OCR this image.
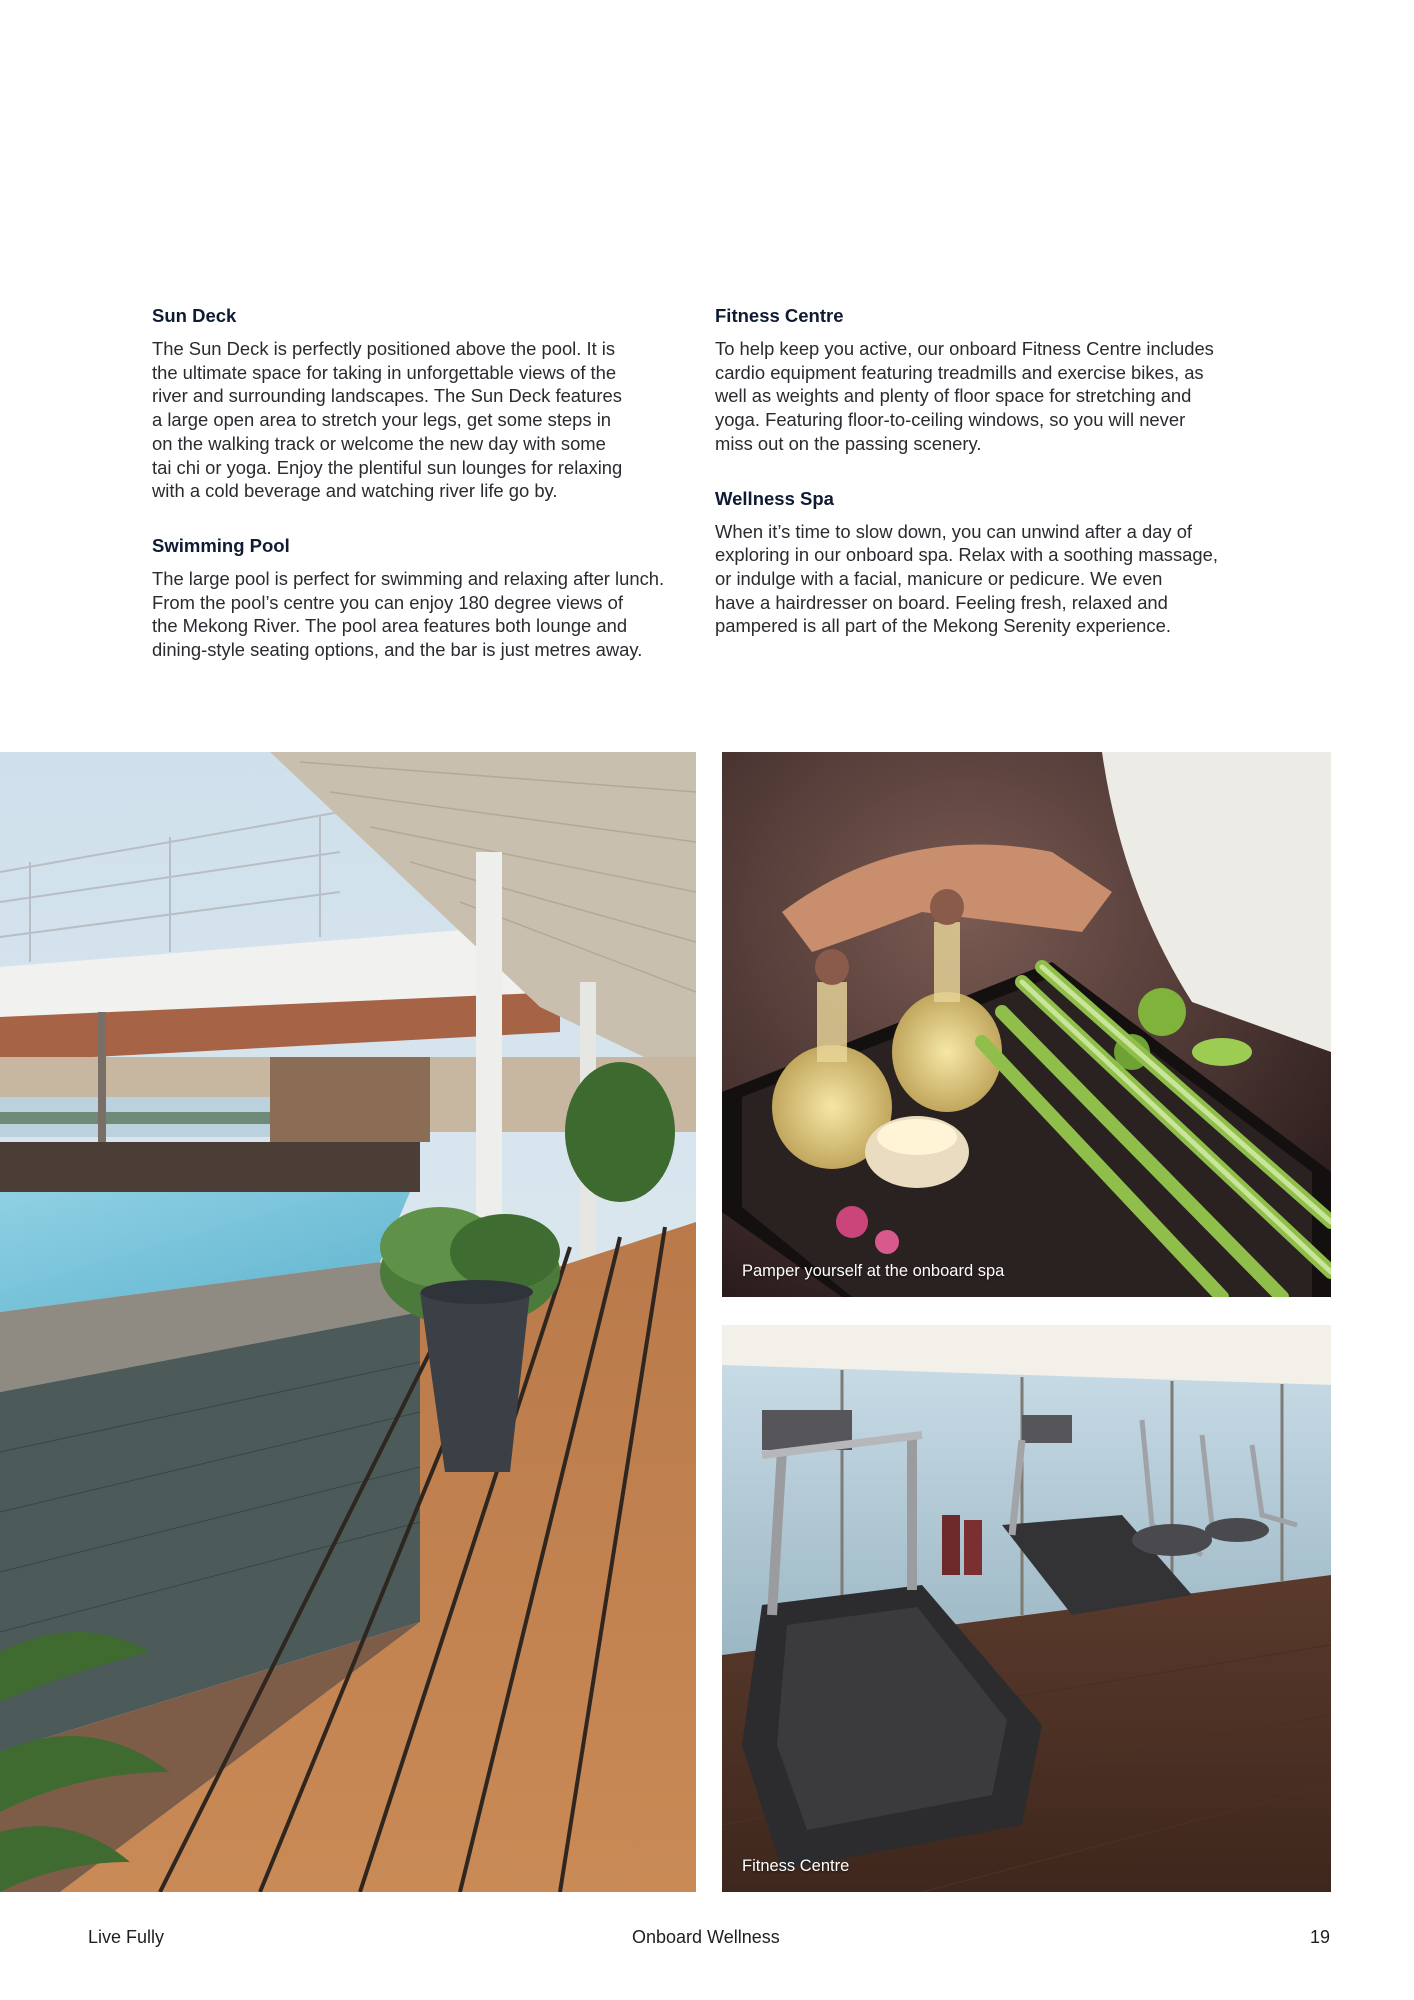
Sun Deck

The Sun Deck is perfectly positioned above the pool. It is
the ultimate space for taking in unforgettable views of the
river and surrounding landscapes. The Sun Deck features
a large open area to stretch your legs, get some steps in
on the walking track or welcome the new day with some
tai chi or yoga. Enjoy the plentiful sun lounges for relaxing
with a cold beverage and watching river life go by.

Swimming Pool

The large pool is perfect for swimming and relaxing after lunch.
From the pool’s centre you can enjoy 180 degree views of
the Mekong River. The pool area features both lounge and
dining-style seating options, and the bar is just metres away.

Fitness Centre

To help keep you active, our onboard Fitness Centre includes
cardio equipment featuring treadmills and exercise bikes, as
well as weights and plenty of floor space for stretching and
yoga. Featuring floor-to-ceiling windows, so you will never
miss out on the passing scenery.

Wellness Spa

When it’s time to slow down, you can unwind after a day of
exploring in our onboard spa. Relax with a soothing massage,
or indulge with a facial, manicure or pedicure. We even
have a hairdresser on board. Feeling fresh, relaxed and
pampered is all part of the Mekong Serenity experience.

Pamper yourself at the onboard spa
Fitness Centre
Live Fully	Onboard Wellness	19
